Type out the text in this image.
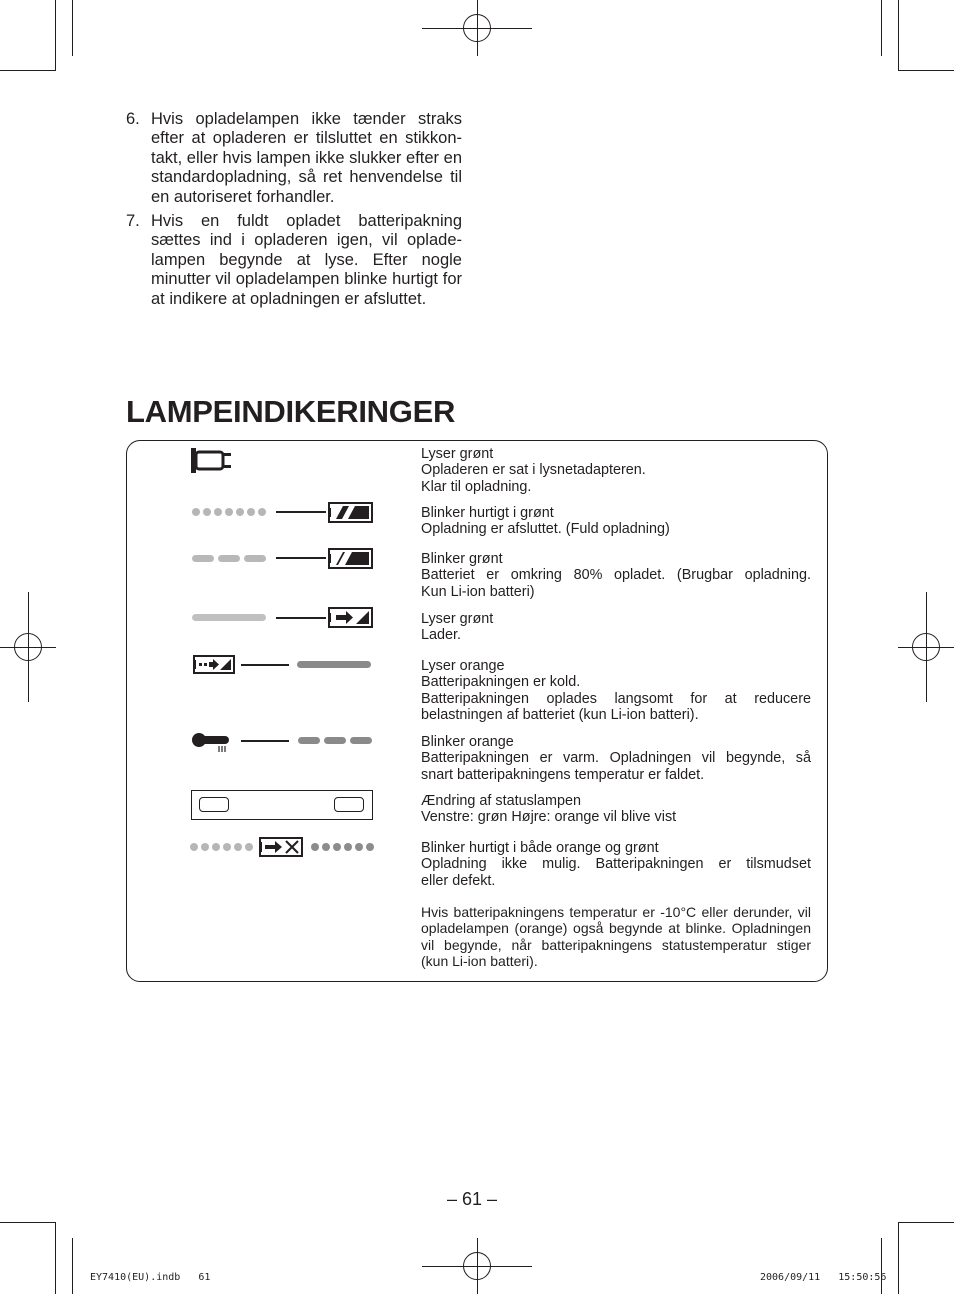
6. Hvis opladelampen ikke tænder straks efter at opladeren er tilsluttet en stikkontakt, eller hvis lampen ikke slukker efter en standardopladning, så ret henvendelse til en autoriseret forhandler.
7. Hvis en fuldt opladet batteripakning sættes ind i opladeren igen, vil opladelampen begynde at lyse. Efter nogle minutter vil opladelampen blinke hurtigt for at indikere at opladningen er afsluttet.
LAMPEINDIKERINGER
Lyser grønt
Opladeren er sat i lysnetadapteren.
Klar til opladning.
Blinker hurtigt i grønt
Opladning er afsluttet. (Fuld opladning)
Blinker grønt
Batteriet er omkring 80% opladet. (Brugbar opladning.
Kun Li-ion batteri)
Lyser grønt
Lader.
Lyser orange
Batteripakningen er kold.
Batteripakningen oplades langsomt for at reducere
belastningen af batteriet (kun Li-ion batteri).
Blinker orange
Batteripakningen er varm. Opladningen vil begynde, så
snart batteripakningens temperatur er faldet.
Ændring af statuslampen
Venstre: grøn Højre: orange vil blive vist
Blinker hurtigt i både orange og grønt
Opladning ikke mulig. Batteripakningen er tilsmudset
eller defekt.
Hvis batteripakningens temperatur er -10°C eller derunder, vil opladelampen (orange) også begynde at blinke. Opladningen vil begynde, når batteripakningens statustemperatur stiger (kun Li-ion batteri).
– 61 –
EY7410(EU).indb   61	2006/09/11   15:50:56
